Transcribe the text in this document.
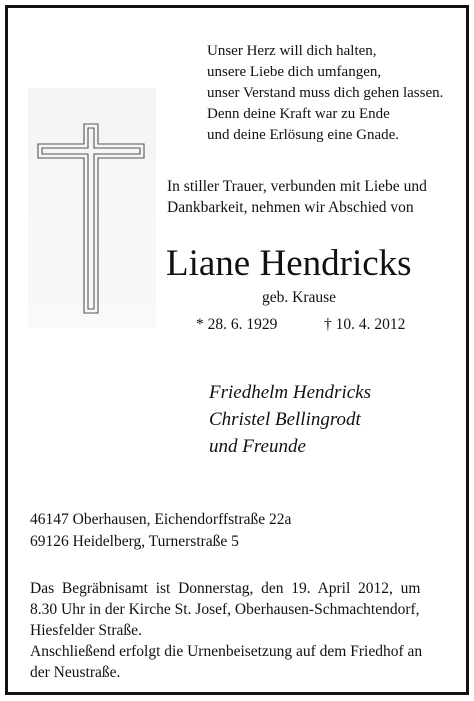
Unser Herz will dich halten,
unsere Liebe dich umfangen,
unser Verstand muss dich gehen lassen.
Denn deine Kraft war zu Ende
und deine Erlösung eine Gnade.
In stiller Trauer, verbunden mit Liebe und
Dankbarkeit, nehmen wir Abschied von
Liane Hendricks
geb. Krause
* 28. 6. 1929	† 10. 4. 2012
Friedhelm Hendricks
Christel Bellingrodt
und Freunde
46147 Oberhausen, Eichendorffstraße 22a
69126 Heidelberg, Turnerstraße 5
Das  Begräbnisamt  ist  Donnerstag,  den  19.  April  2012,  um
8.30 Uhr in der Kirche St. Josef, Oberhausen-Schmachtendorf,
Hiesfelder Straße.
Anschließend erfolgt die Urnenbeisetzung auf dem Friedhof an
der Neustraße.
